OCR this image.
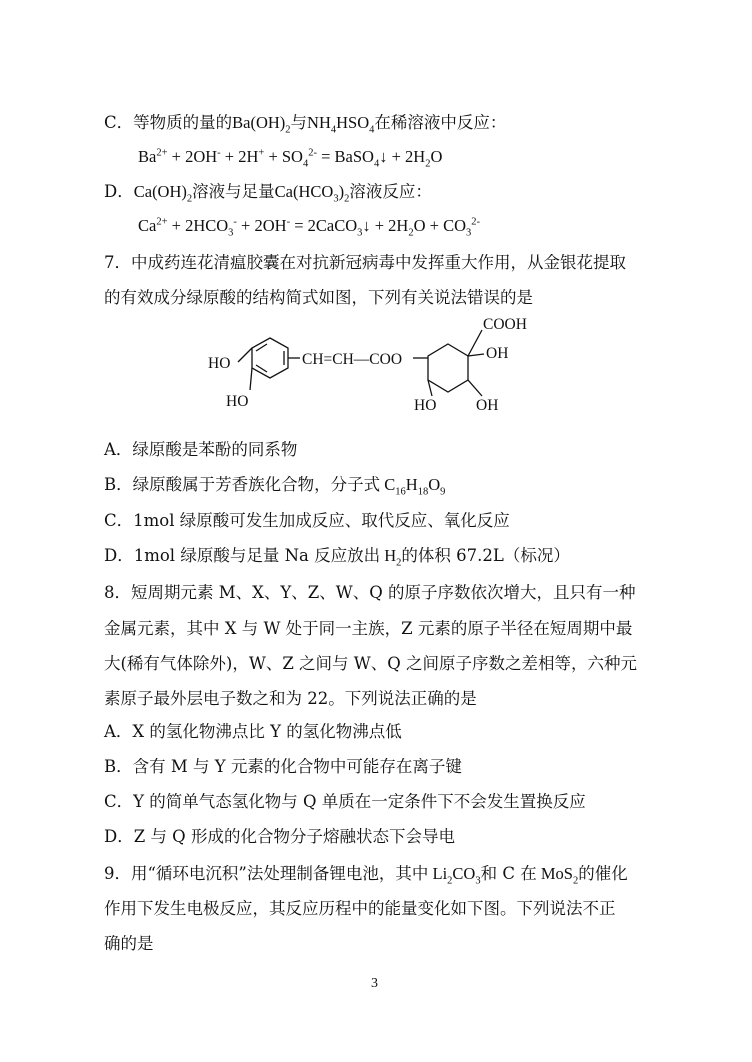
C．等物质的量的$Ba(OH)_2$与$NH_4HSO_4$在稀溶液中反应：
$Ba^{2+} + 2OH^- + 2H^+ + SO_4^{2-}$ = BaSO$_4$↓ + $2H_2O$
D．$Ca(OH)_2$溶液与足量$Ca(HCO_3)_2$溶液反应：
$Ca^{2+} + 2HCO_3^- + 2OH^-$ = 2CaCO$_3$↓ + $2H_2O + CO_3^{2-}$
7．中成药连花清瘟胶囊在对抗新冠病毒中发挥重大作用，从金银花提取
的有效成分绿原酸的结构简式如图，下列有关说法错误的是
HO
HO
CH=CH—COO
COOH
OH
HO	OH
A．绿原酸是苯酚的同系物
B．绿原酸属于芳香族化合物，分子式 $C_{16}H_{18}O_9$
C．1mol 绿原酸可发生加成反应、取代反应、氧化反应
D．1mol 绿原酸与足量 Na 反应放出 $H_2$的体积 67.2L（标况）
8．短周期元素 M、X、Y、Z、W、Q 的原子序数依次增大，且只有一种
金属元素，其中 X 与 W 处于同一主族，Z 元素的原子半径在短周期中最
大(稀有气体除外)，W、Z 之间与 W、Q 之间原子序数之差相等，六种元
素原子最外层电子数之和为 22。下列说法正确的是
A．X 的氢化物沸点比 Y 的氢化物沸点低
B．含有 M 与 Y 元素的化合物中可能存在离子键
C．Y 的简单气态氢化物与 Q 单质在一定条件下不会发生置换反应
D．Z 与 Q 形成的化合物分子熔融状态下会导电
9．用“循环电沉积”法处理制备锂电池，其中 $Li_2CO_3$和 C 在 MoS$_2$的催化
作用下发生电极反应，其反应历程中的能量变化如下图。下列说法不正
确的是
3
